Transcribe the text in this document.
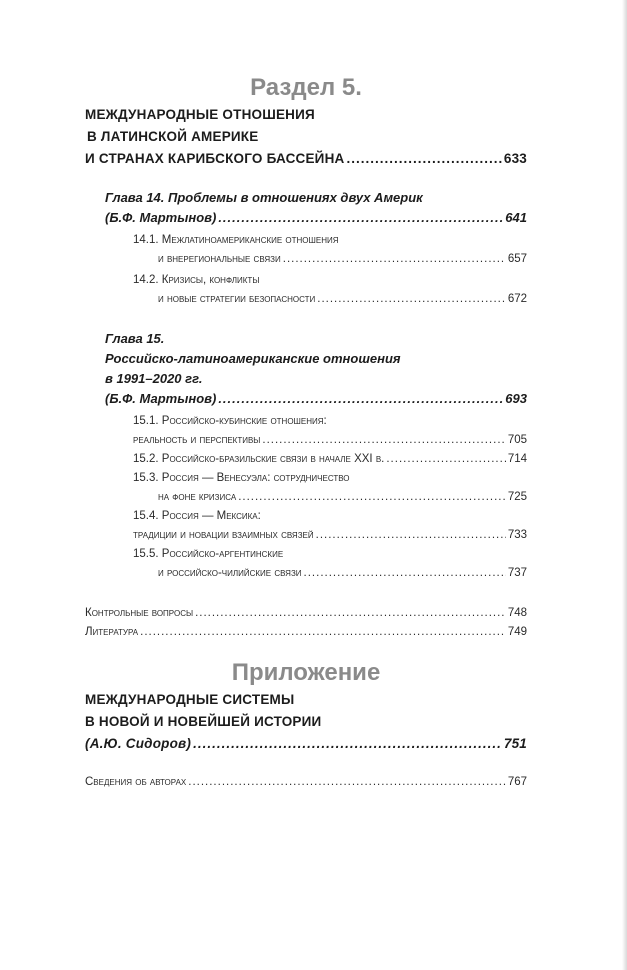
Раздел 5.
МЕЖДУНАРОДНЫЕ ОТНОШЕНИЯ
В ЛАТИНСКОЙ АМЕРИКЕ
И СТРАНАХ КАРИБСКОГО БАССЕЙНА .....	633
Глава 14. Проблемы в отношениях двух Америк
(Б.Ф. Мартынов) .....	641
14.1. Межлатиноамериканские отношения
и внерегиональные связи .....	657
14.2. Кризисы, конфликты
и новые стратегии безопасности .....	672
Глава 15.
Российско-латиноамериканские отношения
в 1991–2020 гг.
(Б.Ф. Мартынов) .....	693
15.1. Российско-кубинские отношения:
реальность и перспективы .....	705
15.2. Российско-бразильские связи в начале XXI в. .....	714
15.3. Россия — Венесуэла: сотрудничество
на фоне кризиса .....	725
15.4. Россия — Мексика:
традиции и новации взаимных связей .....	733
15.5. Российско-аргентинские
и российско-чилийские связи .....	737
Контрольные вопросы .....	748
Литература .....	749
Приложение
МЕЖДУНАРОДНЫЕ СИСТЕМЫ
В НОВОЙ И НОВЕЙШЕЙ ИСТОРИИ
(А.Ю. Сидоров) .....	751
Сведения об авторах .....	767
